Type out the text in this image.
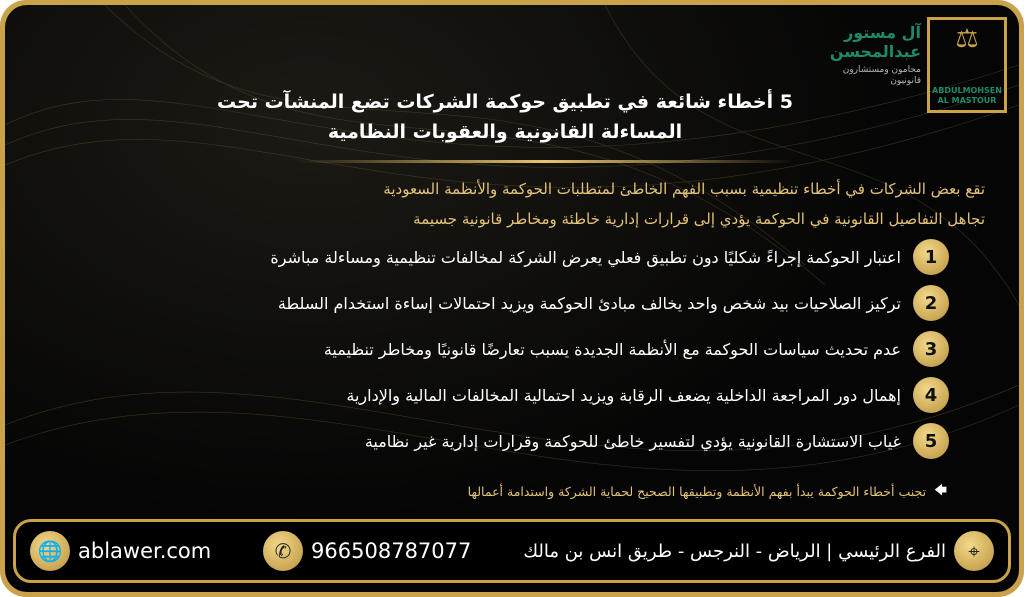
آل مستور عبدالمحسن
محامون ومستشارون قانونيون
⚖
ABDULMOHSEN AL MASTOUR
5 أخطاء شائعة في تطبيق حوكمة الشركات تضع المنشآت تحت
المساءلة القانونية والعقوبات النظامية
تقع بعض الشركات في أخطاء تنظيمية بسبب الفهم الخاطئ لمتطلبات الحوكمة والأنظمة السعودية
تجاهل التفاصيل القانونية في الحوكمة يؤدي إلى قرارات إدارية خاطئة ومخاطر قانونية جسيمة
1
اعتبار الحوكمة إجراءً شكليًا دون تطبيق فعلي يعرض الشركة لمخالفات تنظيمية ومساءلة مباشرة
2
تركيز الصلاحيات بيد شخص واحد يخالف مبادئ الحوكمة ويزيد احتمالات إساءة استخدام السلطة
3
عدم تحديث سياسات الحوكمة مع الأنظمة الجديدة يسبب تعارضًا قانونيًا ومخاطر تنظيمية
4
إهمال دور المراجعة الداخلية يضعف الرقابة ويزيد احتمالية المخالفات المالية والإدارية
5
غياب الاستشارة القانونية يؤدي لتفسير خاطئ للحوكمة وقرارات إدارية غير نظامية
🡄
تجنب أخطاء الحوكمة يبدأ بفهم الأنظمة وتطبيقها الصحيح لحماية الشركة واستدامة أعمالها
🌐 ablawer.com	✆ 966508787077	⌖
الفرع الرئيسي | الرياض - النرجس - طريق انس بن مالك
